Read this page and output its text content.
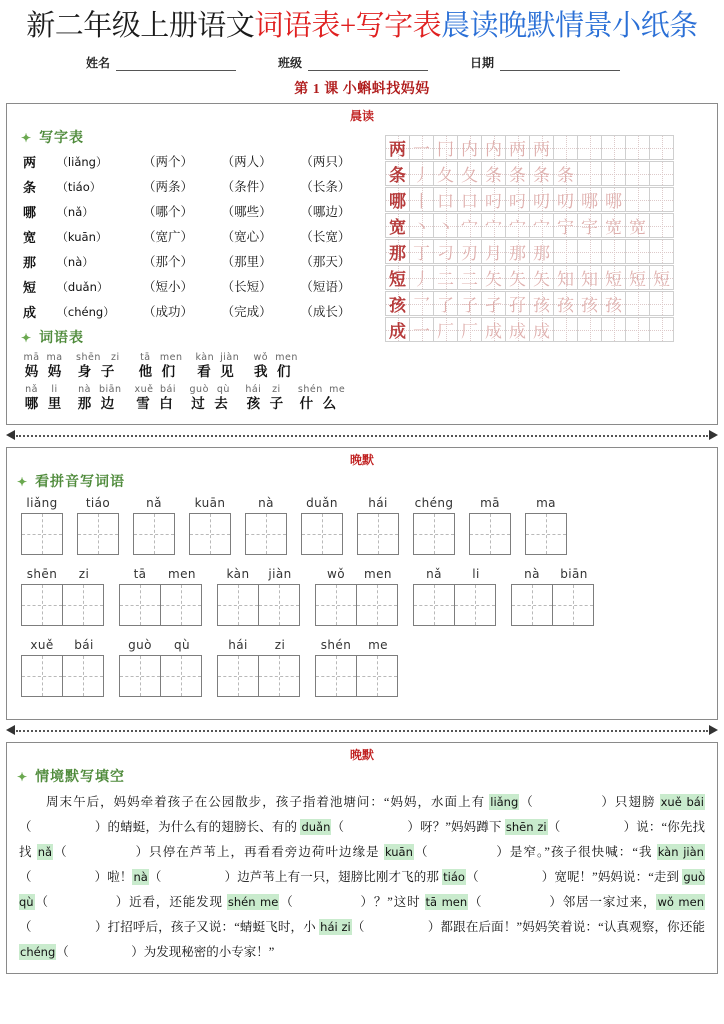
新二年级上册语文词语表+写字表晨读晚默情景小纸条
姓名	班级	日期
第 1 课 小蝌蚪找妈妈
晨读
✦ 写字表
两	（liǎng）	（两个）	（两人）	（两只）
条	（tiáo）	（两条）	（条件）	（长条）
哪	（nǎ）	（哪个）	（哪些）	（哪边）
宽	（kuān）	（宽广）	（宽心）	（长宽）
那	（nà）	（那个）	（那里）	（那天）
短	（duǎn）	（短小）	（长短）	（短语）
成	（chéng）	（成功）	（完成）	（成长）
✦ 词语表
mā ma
妈 妈
shēn	zi
身 子
tā men
他 们
kàn jiàn
看 见
wǒ men
我 们
nǎ	li
哪 里
nà biān
那 边
xuě bái
雪 白
guò qù
过 去
hái	zi
孩 子
shén me
什 么
两 一 冂 内 内 两 两
条 丿 夂 夂 条 条 条 条
哪 丨 口 口 叼 叼 叨 叨 哪 哪
宽 丶 丶 宀 宀 宀 宀 宁 宇 宽 宽
那 丁 刁 刃 月 那 那
短 丿 二 二 矢 矢 矢 知 知 短 短 短
孩 乛 了 子 孑 孖 孩 孩 孩 孩
成 一 厂 厂 成 成 成
晚默
✦ 看拼音写词语
liǎng	tiáo	nǎ	kuān	nà	duǎn	hái	chéng	mā	ma
shēn	zi	tā	men	kàn	jiàn	wǒ	men	nǎ	li	nà	biān
xuě	bái	guò	qù	hái	zi	shén	me
晚默
✦ 情境默写填空

　　周末午后，妈妈牵着孩子在公园散步，孩子指着池塘问：“妈妈，水面上有 liǎng（　　　　　）只翅膀 xuě bái（　　　　　）的蜻蜓，为什么有的翅膀长、有的 duǎn（　　　　　）呀？”妈妈蹲下 shēn zi（　　　　　）说：“你先找找 nǎ（　　　　　）只停在芦苇上，再看看旁边荷叶边缘是 kuān（　　　　　）是窄。”孩子很快喊：“我 kàn jiàn（　　　　　）啦！nà（　　　　　）边芦苇上有一只，翅膀比刚才飞的那 tiáo（　　　　　）宽呢！”妈妈说：“走到 guò qù（　　　　　）近看，还能发现 shén me（　　　　　）？”这时 tā men（　　　　　）邻居一家过来，wǒ men（　　　　　）打招呼后，孩子又说：“蜻蜓飞时，小 hái zi（　　　　　）都跟在后面！”妈妈笑着说：“认真观察，你还能 chéng（　　　　　）为发现秘密的小专家！”
